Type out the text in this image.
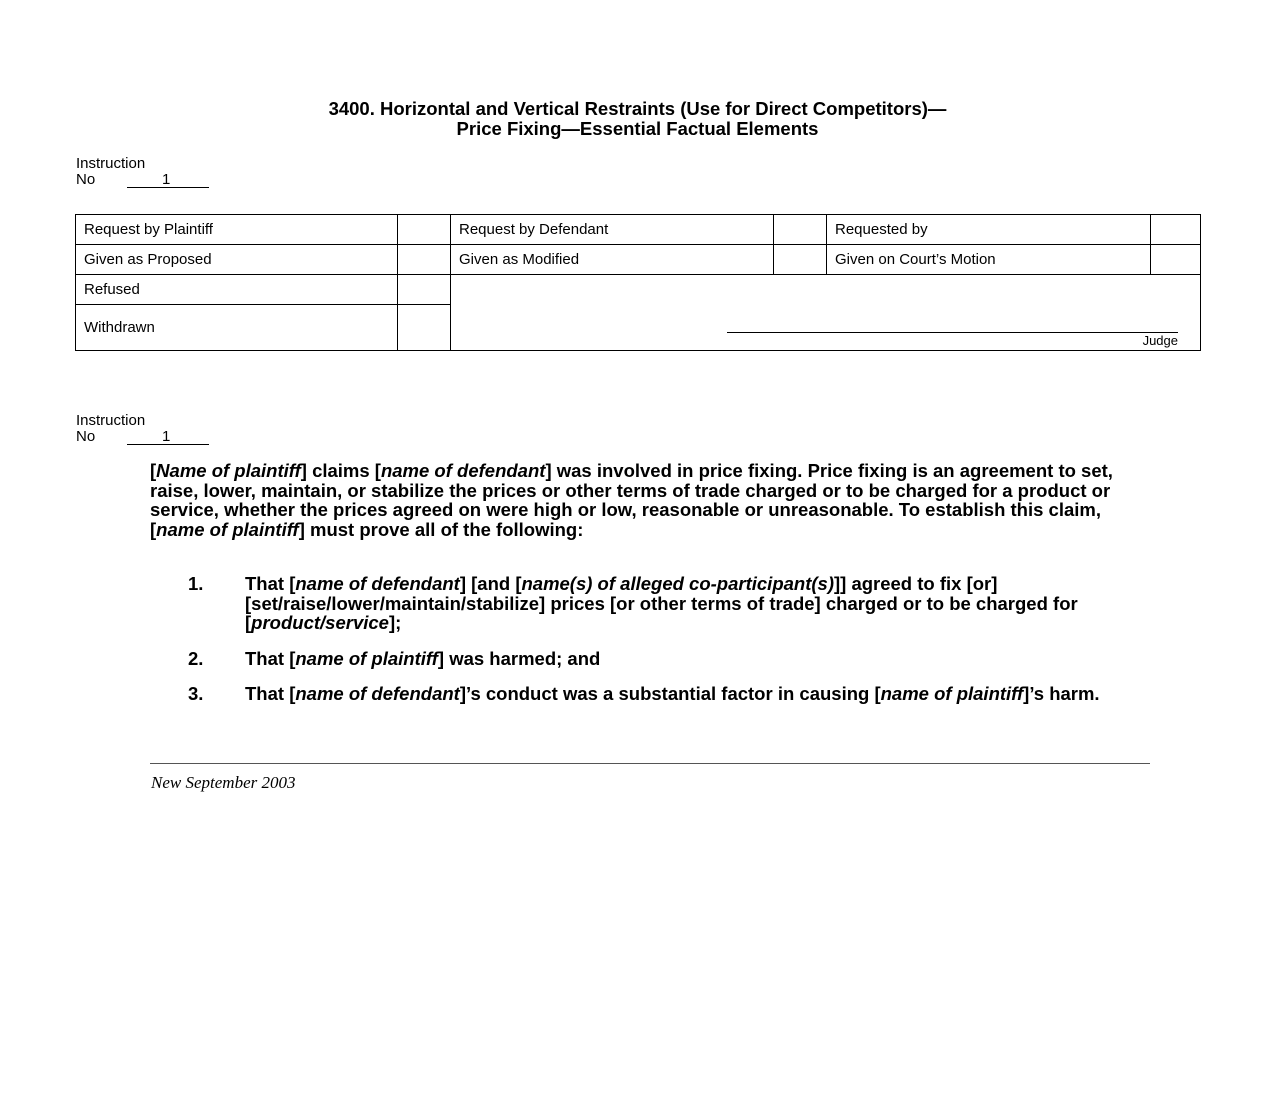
3400. Horizontal and Vertical Restraints (Use for Direct Competitors)—
Price Fixing—Essential Factual Elements
Instruction
No	1
Request by Plaintiff		Request by Defendant		Requested by	
Given as Proposed		Given as Modified		Given on Court’s Motion	
Refused		Judge			

Withdrawn					
Instruction
No	1
[Name of plaintiff] claims [name of defendant] was involved in price fixing. Price fixing is an agreement to set, raise, lower, maintain, or stabilize the prices or other terms of trade charged or to be charged for a product or service, whether the prices agreed on were high or low, reasonable or unreasonable. To establish this claim, [name of plaintiff] must prove all of the following:
1. That [name of defendant] [and [name(s) of alleged co-participant(s)]] agreed to fix [or] [set/raise/lower/maintain/stabilize] prices [or other terms of trade] charged or to be charged for [product/service];
2. That [name of plaintiff] was harmed; and
3. That [name of defendant]’s conduct was a substantial factor in causing [name of plaintiff]’s harm.
New September 2003
